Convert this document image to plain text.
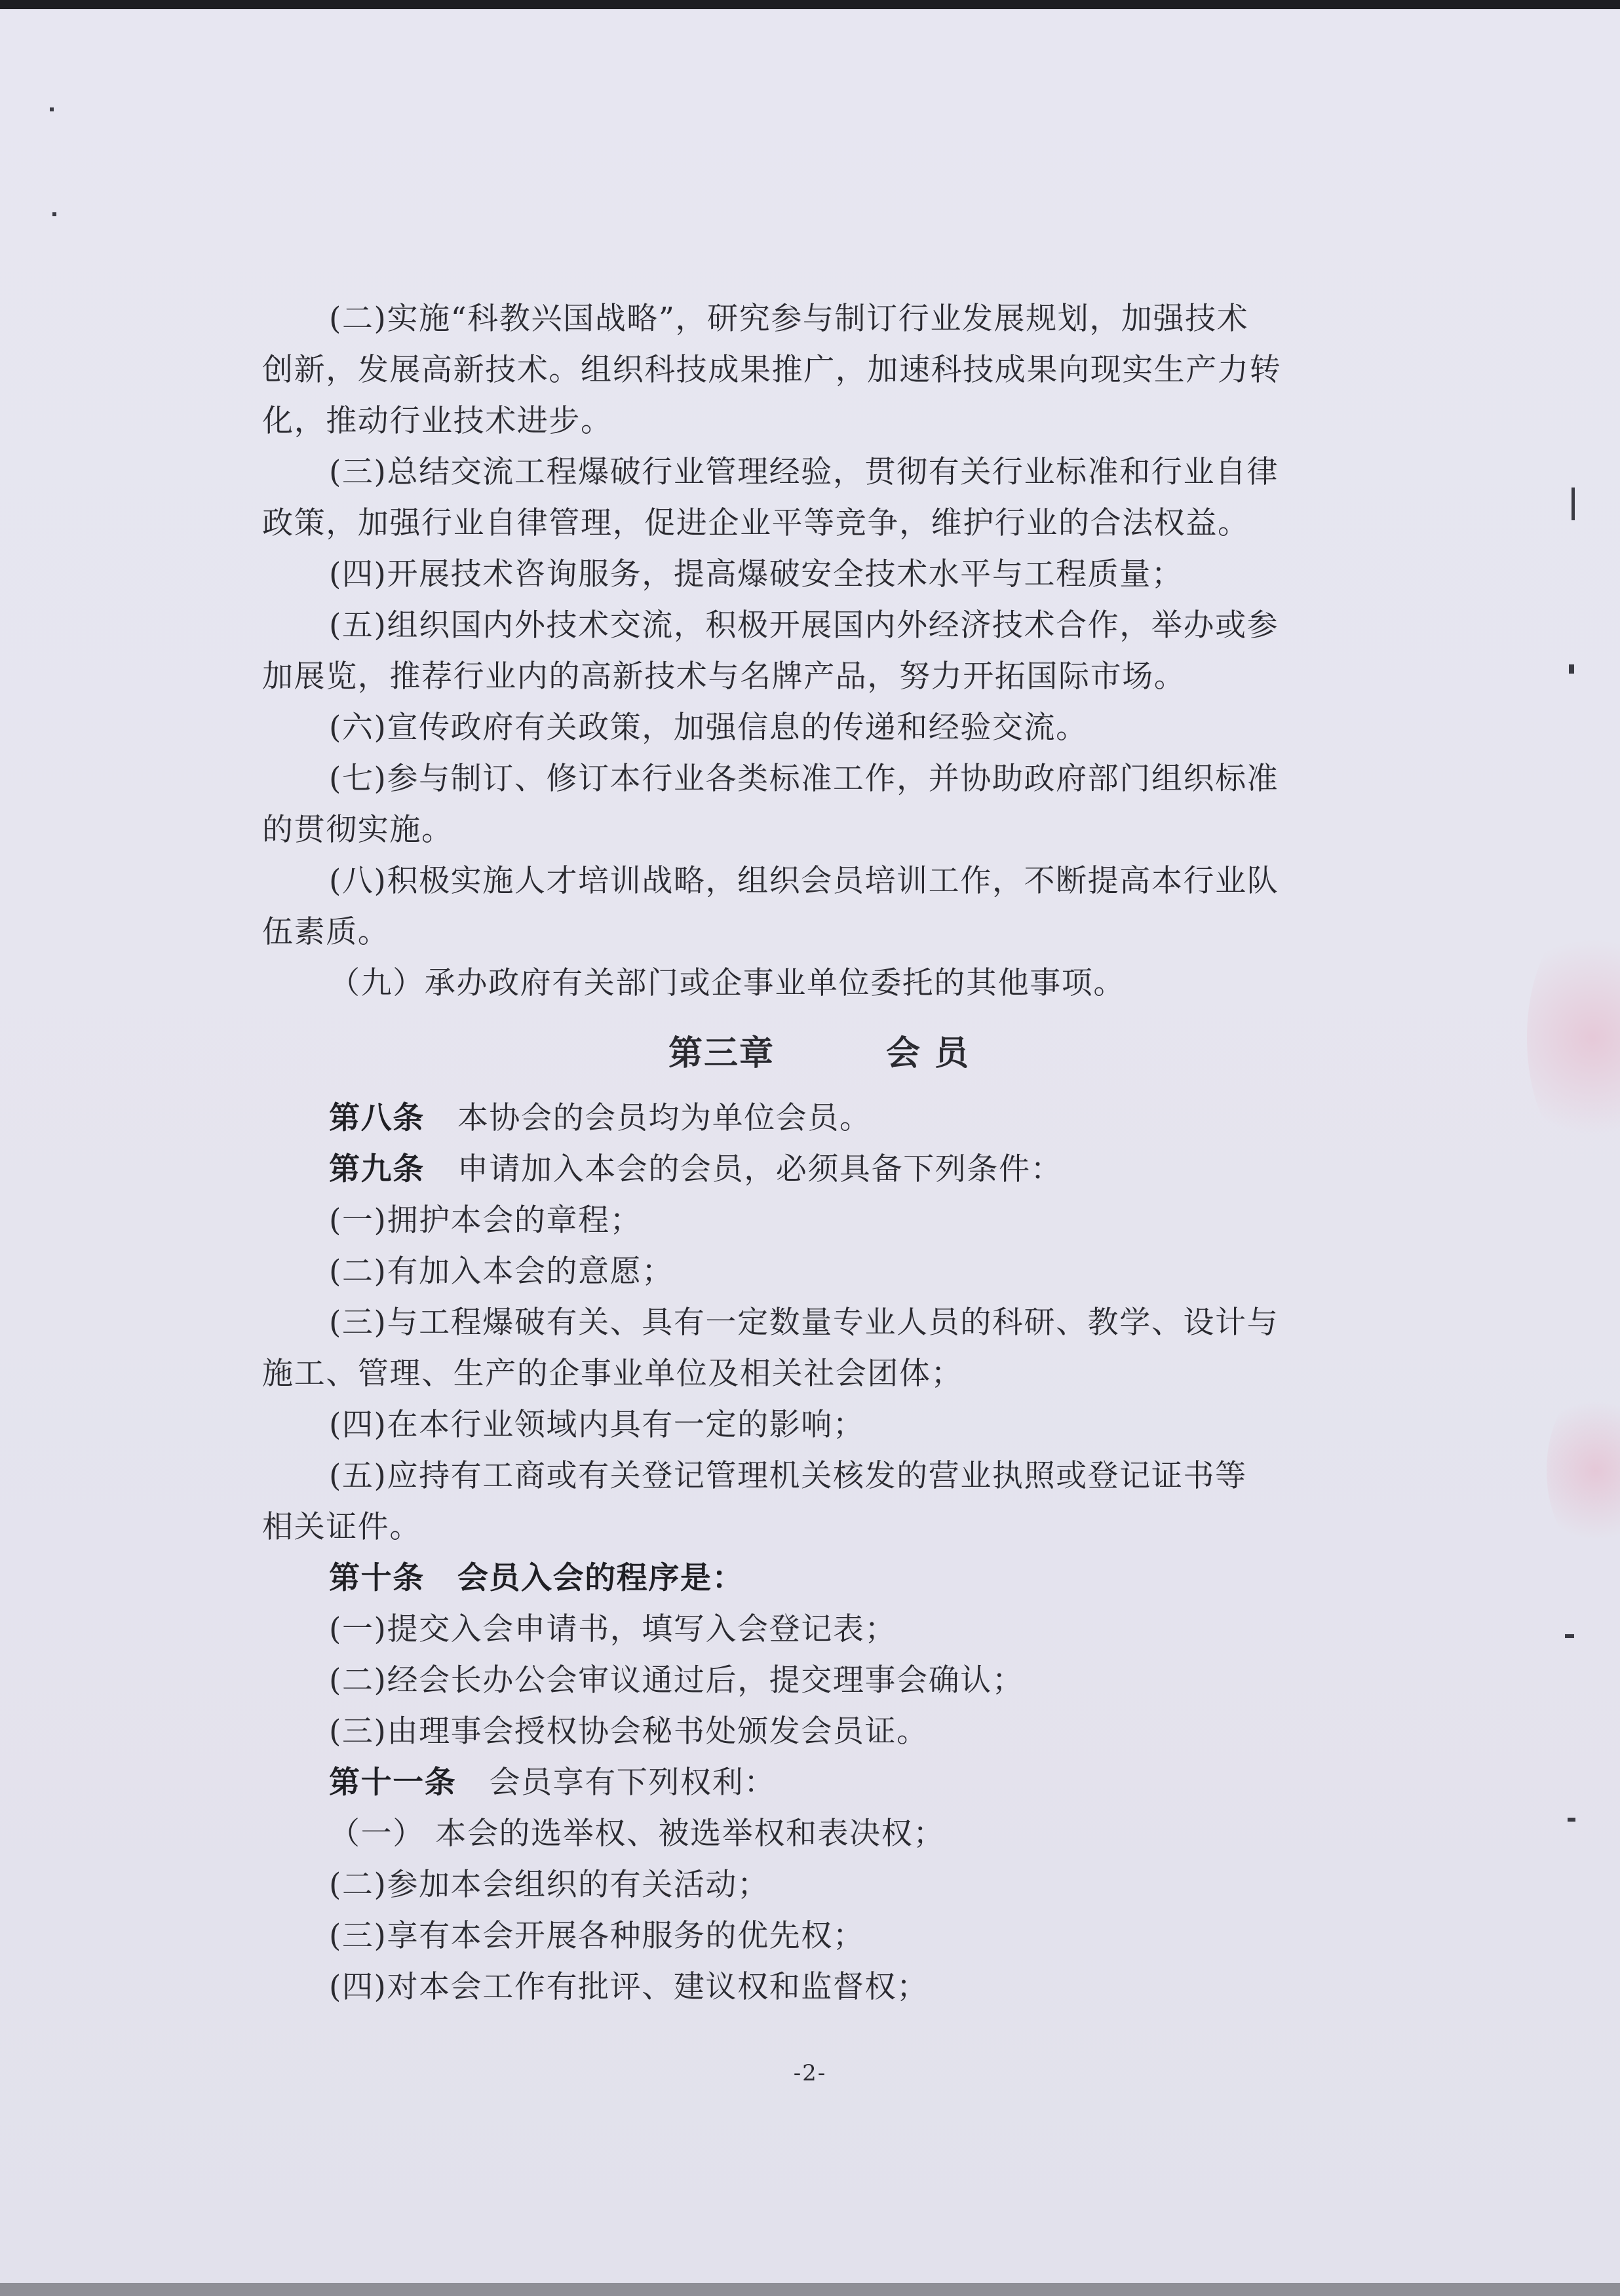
(二)实施“科教兴国战略”，研究参与制订行业发展规划，加强技术
创新，发展高新技术。组织科技成果推广，加速科技成果向现实生产力转
化，推动行业技术进步。
(三)总结交流工程爆破行业管理经验，贯彻有关行业标准和行业自律
政策，加强行业自律管理，促进企业平等竞争，维护行业的合法权益。
(四)开展技术咨询服务，提高爆破安全技术水平与工程质量；
(五)组织国内外技术交流，积极开展国内外经济技术合作，举办或参
加展览，推荐行业内的高新技术与名牌产品，努力开拓国际市场。
(六)宣传政府有关政策，加强信息的传递和经验交流。
(七)参与制订、修订本行业各类标准工作，并协助政府部门组织标准
的贯彻实施。
(八)积极实施人才培训战略，组织会员培训工作，不断提高本行业队
伍素质。
（九）承办政府有关部门或企事业单位委托的其他事项。
第三章	会 员
第八条 本协会的会员均为单位会员。
第九条 申请加入本会的会员，必须具备下列条件：
(一)拥护本会的章程；
(二)有加入本会的意愿；
(三)与工程爆破有关、具有一定数量专业人员的科研、教学、设计与
施工、管理、生产的企事业单位及相关社会团体；
(四)在本行业领域内具有一定的影响；
(五)应持有工商或有关登记管理机关核发的营业执照或登记证书等
相关证件。
第十条 会员入会的程序是：
(一)提交入会申请书，填写入会登记表；
(二)经会长办公会审议通过后，提交理事会确认；
(三)由理事会授权协会秘书处颁发会员证。
第十一条 会员享有下列权利：
（一） 本会的选举权、被选举权和表决权；
(二)参加本会组织的有关活动；
(三)享有本会开展各种服务的优先权；
(四)对本会工作有批评、建议权和监督权；
-2-
